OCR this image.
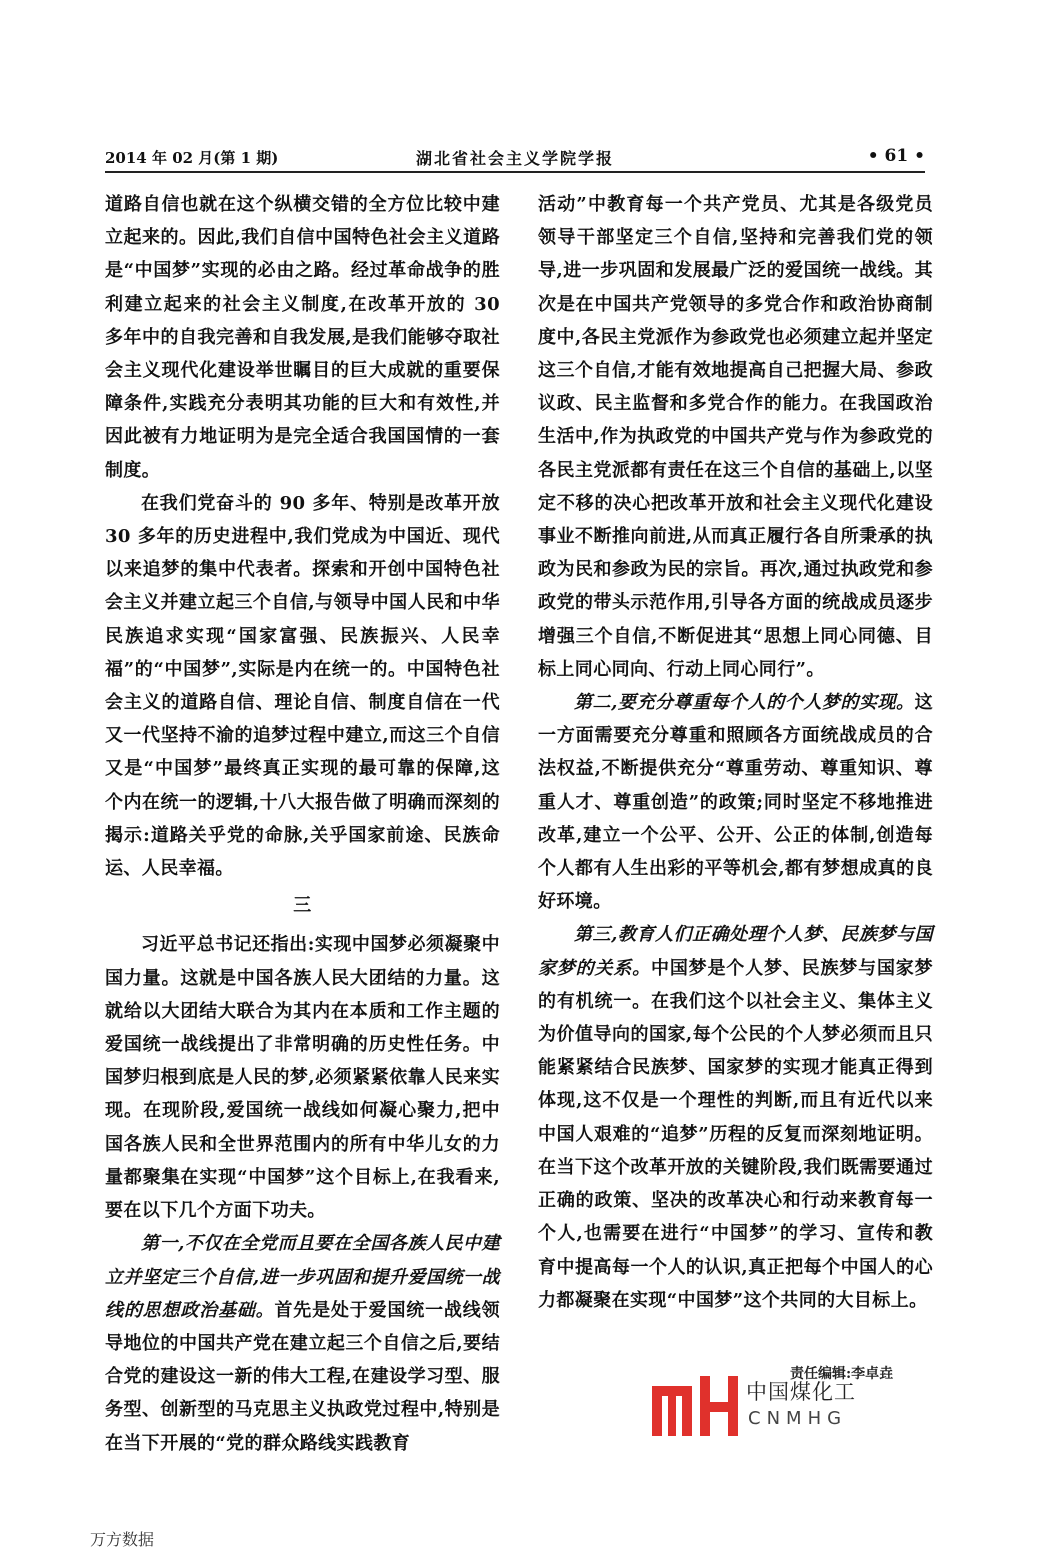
2014 年 02 月(第 1 期)	湖北省社会主义学院学报	• 61 •

道路自信也就在这个纵横交错的全方位比较中建立起来的。因此,我们自信中国特色社会主义道路是“中国梦”实现的必由之路。经过革命战争的胜利建立起来的社会主义制度,在改革开放的 30 多年中的自我完善和自我发展,是我们能够夺取社会主义现代化建设举世瞩目的巨大成就的重要保障条件,实践充分表明其功能的巨大和有效性,并因此被有力地证明为是完全适合我国国情的一套制度。

在我们党奋斗的 90 多年、特别是改革开放 30 多年的历史进程中,我们党成为中国近、现代以来追梦的集中代表者。探索和开创中国特色社会主义并建立起三个自信,与领导中国人民和中华民族追求实现“国家富强、民族振兴、人民幸福”的“中国梦”,实际是内在统一的。中国特色社会主义的道路自信、理论自信、制度自信在一代又一代坚持不渝的追梦过程中建立,而这三个自信又是“中国梦”最终真正实现的最可靠的保障,这个内在统一的逻辑,十八大报告做了明确而深刻的揭示:道路关乎党的命脉,关乎国家前途、民族命运、人民幸福。

三

习近平总书记还指出:实现中国梦必须凝聚中国力量。这就是中国各族人民大团结的力量。这就给以大团结大联合为其内在本质和工作主题的爱国统一战线提出了非常明确的历史性任务。中国梦归根到底是人民的梦,必须紧紧依靠人民来实现。在现阶段,爱国统一战线如何凝心聚力,把中国各族人民和全世界范围内的所有中华儿女的力量都聚集在实现“中国梦”这个目标上,在我看来,要在以下几个方面下功夫。

第一,不仅在全党而且要在全国各族人民中建立并坚定三个自信,进一步巩固和提升爱国统一战线的思想政治基础。首先是处于爱国统一战线领导地位的中国共产党在建立起三个自信之后,要结合党的建设这一新的伟大工程,在建设学习型、服务型、创新型的马克思主义执政党过程中,特别是在当下开展的“党的群众路线实践教育

活动”中教育每一个共产党员、尤其是各级党员领导干部坚定三个自信,坚持和完善我们党的领导,进一步巩固和发展最广泛的爱国统一战线。其次是在中国共产党领导的多党合作和政治协商制度中,各民主党派作为参政党也必须建立起并坚定这三个自信,才能有效地提高自己把握大局、参政议政、民主监督和多党合作的能力。在我国政治生活中,作为执政党的中国共产党与作为参政党的各民主党派都有责任在这三个自信的基础上,以坚定不移的决心把改革开放和社会主义现代化建设事业不断推向前进,从而真正履行各自所秉承的执政为民和参政为民的宗旨。再次,通过执政党和参政党的带头示范作用,引导各方面的统战成员逐步增强三个自信,不断促进其“思想上同心同德、目标上同心同向、行动上同心同行”。

第二,要充分尊重每个人的个人梦的实现。这一方面需要充分尊重和照顾各方面统战成员的合法权益,不断提供充分“尊重劳动、尊重知识、尊重人才、尊重创造”的政策;同时坚定不移地推进改革,建立一个公平、公开、公正的体制,创造每个人都有人生出彩的平等机会,都有梦想成真的良好环境。

第三,教育人们正确处理个人梦、民族梦与国家梦的关系。中国梦是个人梦、民族梦与国家梦的有机统一。在我们这个以社会主义、集体主义为价值导向的国家,每个公民的个人梦必须而且只能紧紧结合民族梦、国家梦的实现才能真正得到体现,这不仅是一个理性的判断,而且有近代以来中国人艰难的“追梦”历程的反复而深刻地证明。在当下这个改革开放的关键阶段,我们既需要通过正确的政策、坚决的改革决心和行动来教育每一个人,也需要在进行“中国梦”的学习、宣传和教育中提高每一个人的认识,真正把每个中国人的心力都凝聚在实现“中国梦”这个共同的大目标上。

责任编辑:李卓垚
中国煤化工
CNMHG
万方数据
